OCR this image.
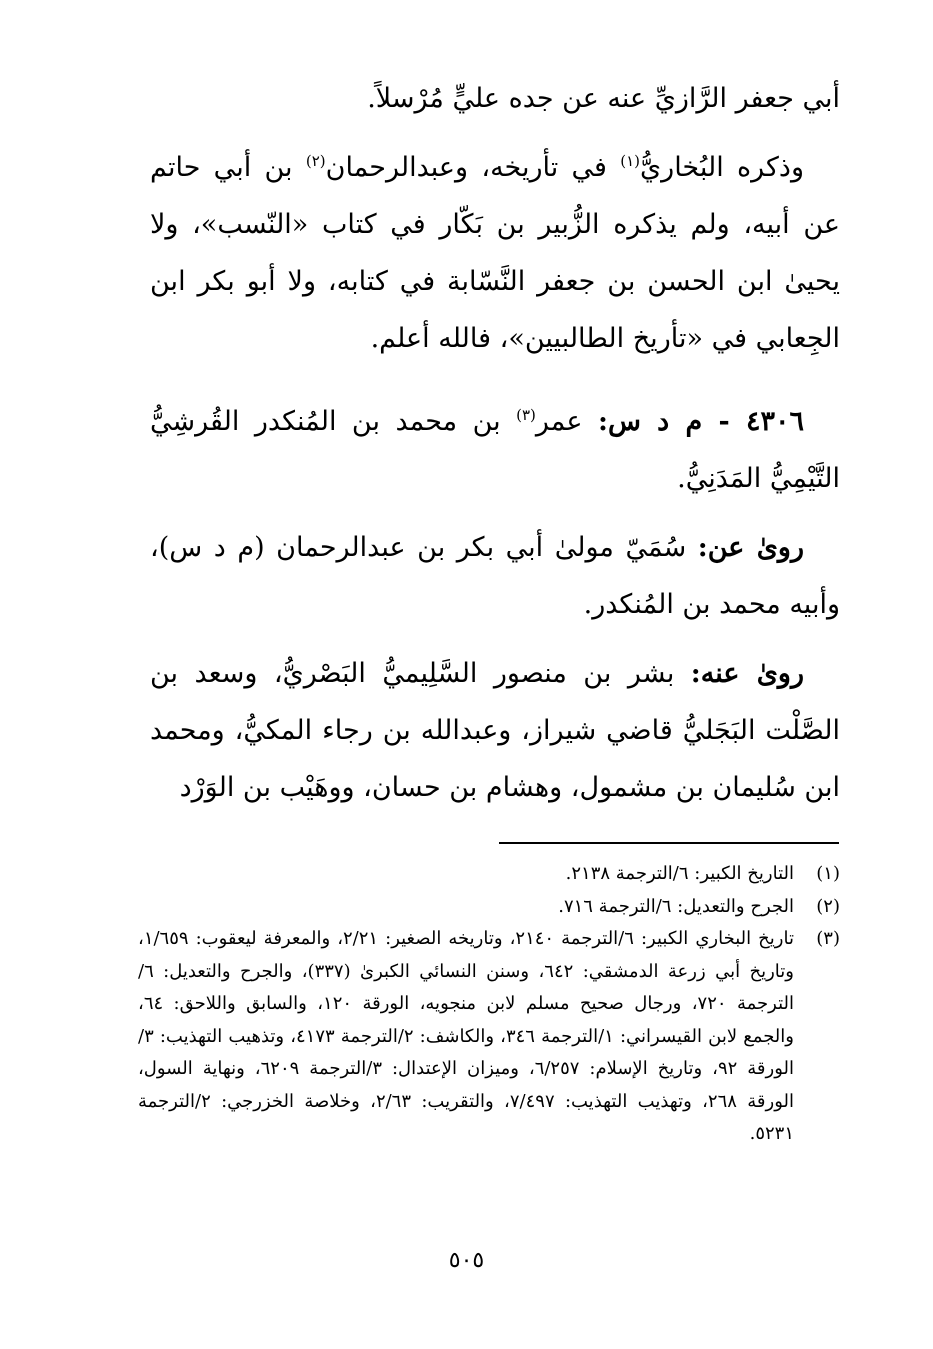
أبي جعفر الرَّازيِّ عنه عن جده عليٍّ مُرْسلاً.

وذكره البُخاريُّ$^{(١)}$ في تأريخه، وعبدالرحمان$^{(٢)}$ بن أبي حاتم عن أبيه، ولم يذكره الزُّبير بن بَكّار في كتاب «النّسب»، ولا يحيىٰ ابن الحسن بن جعفر النَّسّابة في كتابه، ولا أبو بكر ابن الجِعابي في «تأريخ الطالبيين»، فالله أعلم.

٤٣٠٦ - م د س: عمر$^{(٣)}$ بن محمد بن المُنكدر القُرشِيُّ التَّيْمِيُّ المَدَنِيُّ.

روىٰ عن: سُمَيّ مولىٰ أبي بكر بن عبدالرحمان (م د س)، وأبيه محمد بن المُنكدر.

روىٰ عنه: بشر بن منصور السَّلِيميُّ البَصْريُّ، وسعد بن الصَّلْت البَجَليُّ قاضي شيراز، وعبدالله بن رجاء المكيُّ، ومحمد ابن سُليمان بن مشمول، وهشام بن حسان، ووهَيْب بن الوَرْد

(١)
التاريخ الكبير: ٦/الترجمة ٢١٣٨.
(٢)
الجرح والتعديل: ٦/الترجمة ٧١٦.
(٣)
تاريخ البخاري الكبير: ٦/الترجمة ٢١٤٠، وتاريخه الصغير: ٢/٢١، والمعرفة ليعقوب: ١/٦٥٩، وتاريخ أبي زرعة الدمشقي: ٦٤٢، وسنن النسائي الكبرىٰ (٣٣٧)، والجرح والتعديل: ٦/الترجمة ٧٢٠، ورجال صحيح مسلم لابن منجويه، الورقة ١٢٠، والسابق واللاحق: ٦٤، والجمع لابن القيسراني: ١/الترجمة ٣٤٦، والكاشف: ٢/الترجمة ٤١٧٣، وتذهيب التهذيب: ٣/الورقة ٩٢، وتاريخ الإسلام: ٦/٢٥٧، وميزان الإعتدال: ٣/الترجمة ٦٢٠٩، ونهاية السول، الورقة ٢٦٨، وتهذيب التهذيب: ٧/٤٩٧، والتقريب: ٢/٦٣، وخلاصة الخزرجي: ٢/الترجمة ٥٢٣١.
٥٠٥
